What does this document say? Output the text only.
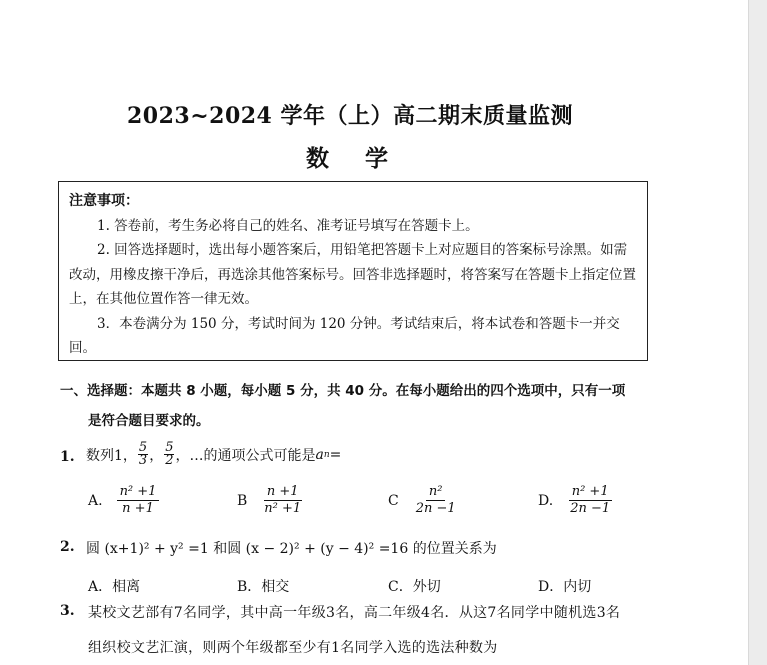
2023~2024 学年（上）高二期末质量监测
数 学
注意事项：
1. 答卷前，考生务必将自己的姓名、准考证号填写在答题卡上。
2. 回答选择题时，选出每小题答案后，用铅笔把答题卡上对应题目的答案标号涂黑。如需改动，用橡皮擦干净后，再选涂其他答案标号。回答非选择题时，将答案写在答题卡上指定位置上，在其他位置作答一律无效。
3．本卷满分为 150 分，考试时间为 120 分钟。考试结束后，将本试卷和答题卡一并交回。
一、选择题：本题共 8 小题，每小题 5 分，共 40 分。在每小题给出的四个选项中，只有一项
是符合题目要求的。
1. 数列1， $\frac{5}{3}$ ， $\frac{5}{2}$ ，…的通项公式可能是 a n =
A. $\frac{\text{n² +1}}{n +1}$	B $\frac{n +1}{\text{n² +1}}$	C $\frac{\text{n²}}{2n -1}$	D. $\frac{\text{n² +1}}{2n -1}$
2. 圆 (x+1)² + y² =1 和圆 (x − 2)² + (y − 4)² =16 的位置关系为
A．相离	B．相交	C．外切	D．内切
3. 某校文艺部有7名同学，其中高一年级3名，高二年级4名．从这7名同学中随机选3名
组织校文艺汇演，则两个年级都至少有1名同学入选的选法种数为
